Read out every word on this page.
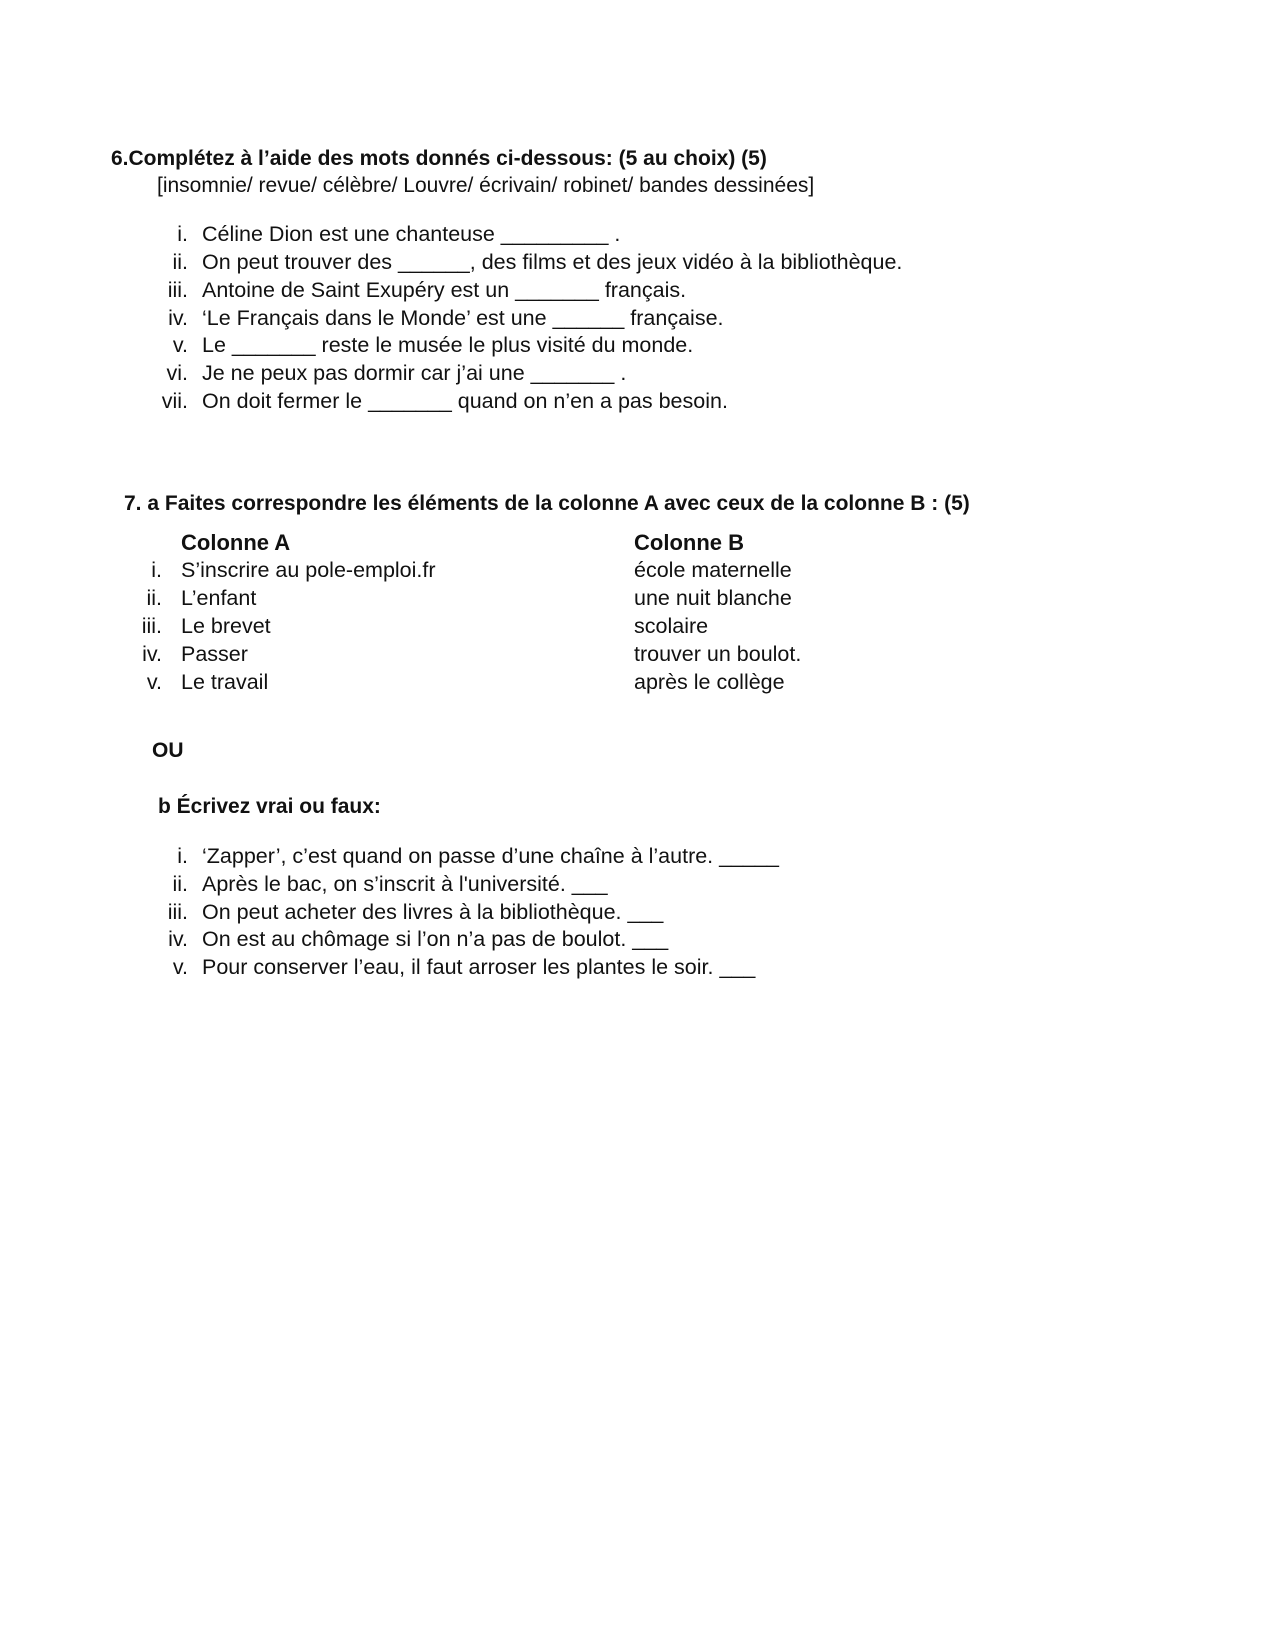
6.Complétez à l’aide des mots donnés ci-dessous: (5 au choix) (5)
[insomnie/ revue/ célèbre/ Louvre/ écrivain/ robinet/ bandes dessinées]
i. Céline Dion est une chanteuse _________ .
ii. On peut trouver des ______, des films et des jeux vidéo à la bibliothèque.
iii. Antoine de Saint Exupéry est un _______ français.
iv. ‘Le Français dans le Monde’ est une ______ française.
v. Le _______ reste le musée le plus visité du monde.
vi. Je ne peux pas dormir car j’ai une _______ .
vii. On doit fermer le _______ quand on n’en a pas besoin.
7. a Faites correspondre les éléments de la colonne A avec ceux de la colonne B : (5)
Colonne A	Colonne B
i. S’inscrire au pole-emploi.fr	école maternelle
ii. L’enfant	une nuit blanche
iii. Le brevet	scolaire
iv. Passer	trouver un boulot.
v. Le travail	après le collège
OU
b Écrivez vrai ou faux:
i. ‘Zapper’, c’est quand on passe d’une chaîne à l’autre. _____
ii. Après le bac, on s’inscrit à l'université. ___
iii. On peut acheter des livres à la bibliothèque. ___
iv. On est au chômage si l’on n’a pas de boulot. ___
v. Pour conserver l’eau, il faut arroser les plantes le soir. ___
